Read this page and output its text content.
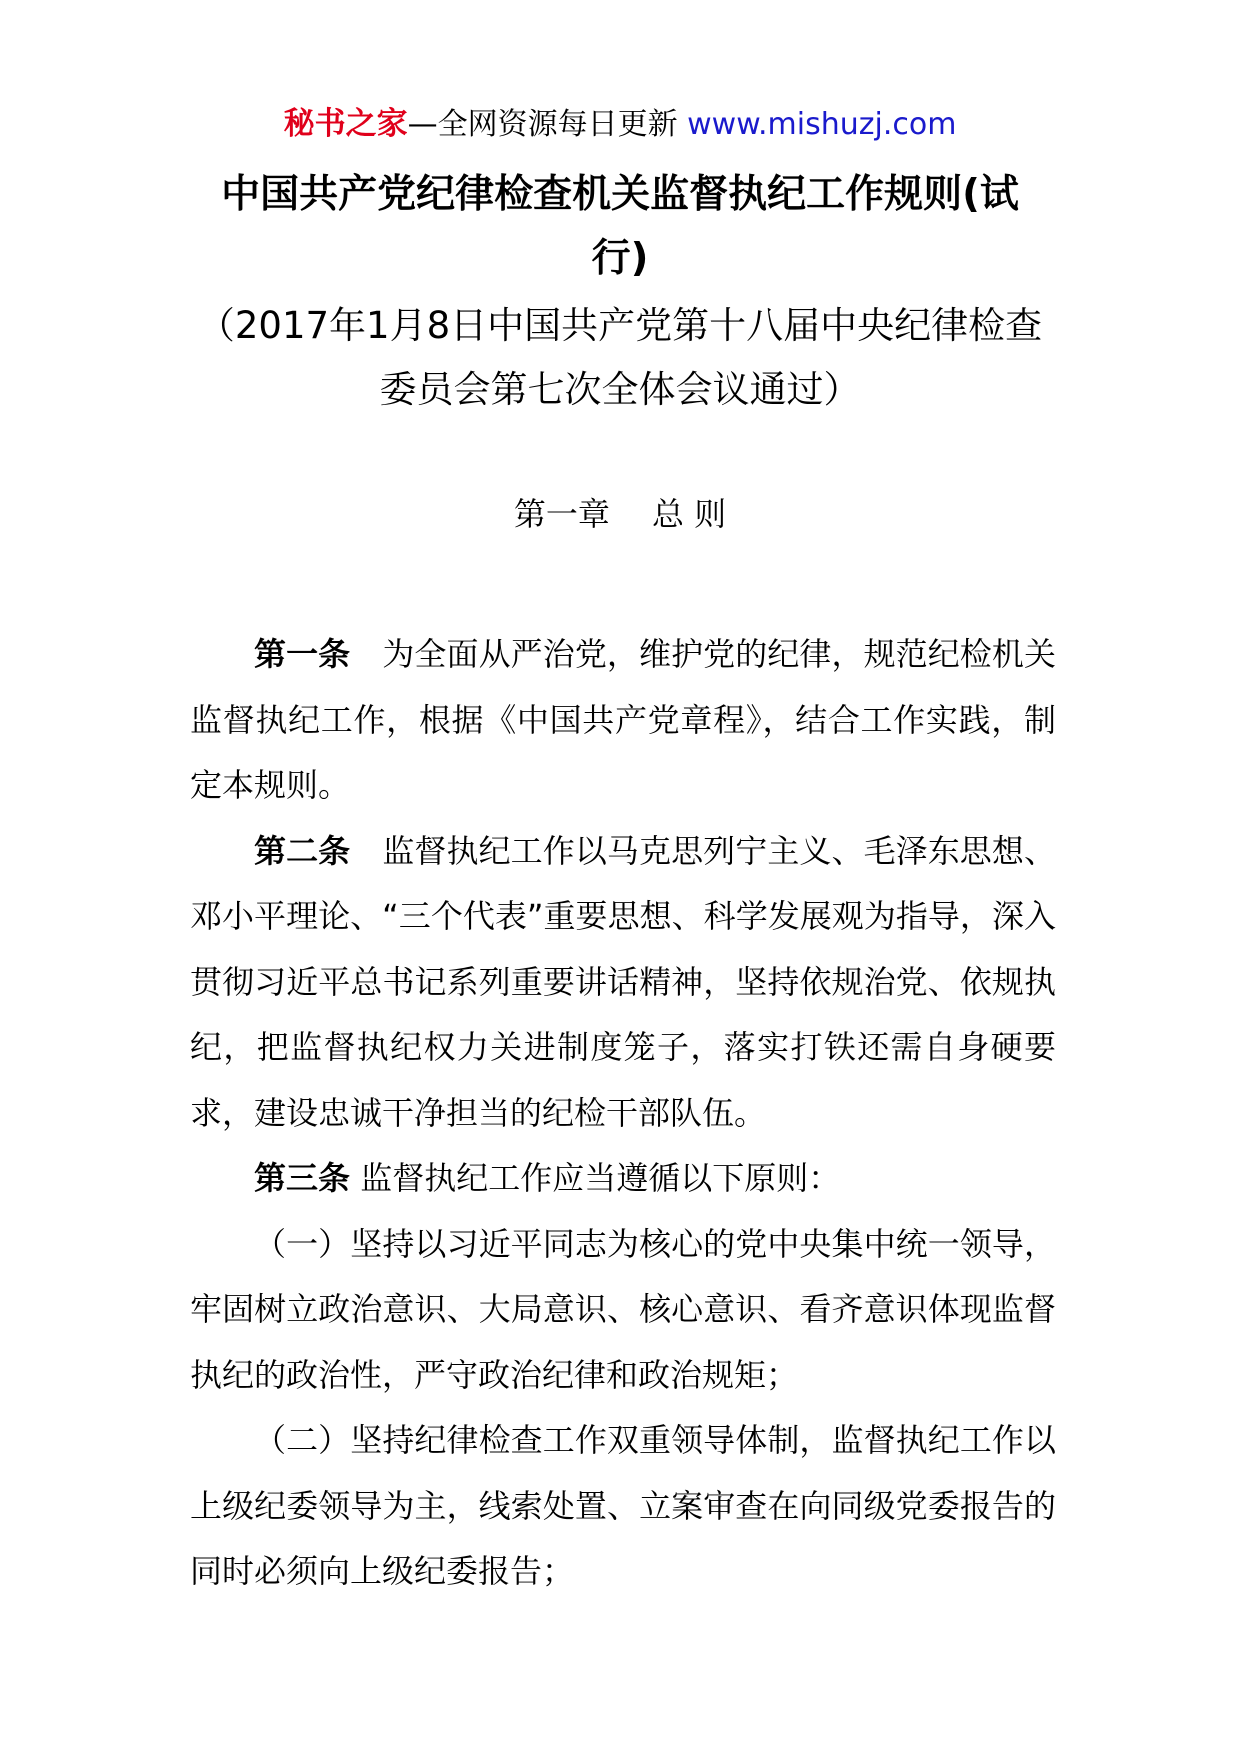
秘书之家—全网资源每日更新 www.mishuzj.com
中国共产党纪律检查机关监督执纪工作规则(试行)

（2017年1月8日中国共产党第十八届中央纪律检查委员会第七次全体会议通过）

第一章　 总 则

第一条　 为全面从严治党，维护党的纪律，规范纪检机关监督执纪工作，根据《中国共产党章程》，结合工作实践，制定本规则。

第二条　 监督执纪工作以马克思列宁主义、毛泽东思想、邓小平理论、“三个代表”重要思想、科学发展观为指导，深入贯彻习近平总书记系列重要讲话精神，坚持依规治党、依规执纪，把监督执纪权力关进制度笼子，落实打铁还需自身硬要求，建设忠诚干净担当的纪检干部队伍。

第三条 监督执纪工作应当遵循以下原则：

（一）坚持以习近平同志为核心的党中央集中统一领导，牢固树立政治意识、大局意识、核心意识、看齐意识体现监督执纪的政治性，严守政治纪律和政治规矩；

（二）坚持纪律检查工作双重领导体制，监督执纪工作以上级纪委领导为主，线索处置、立案审查在向同级党委报告的同时必须向上级纪委报告；
